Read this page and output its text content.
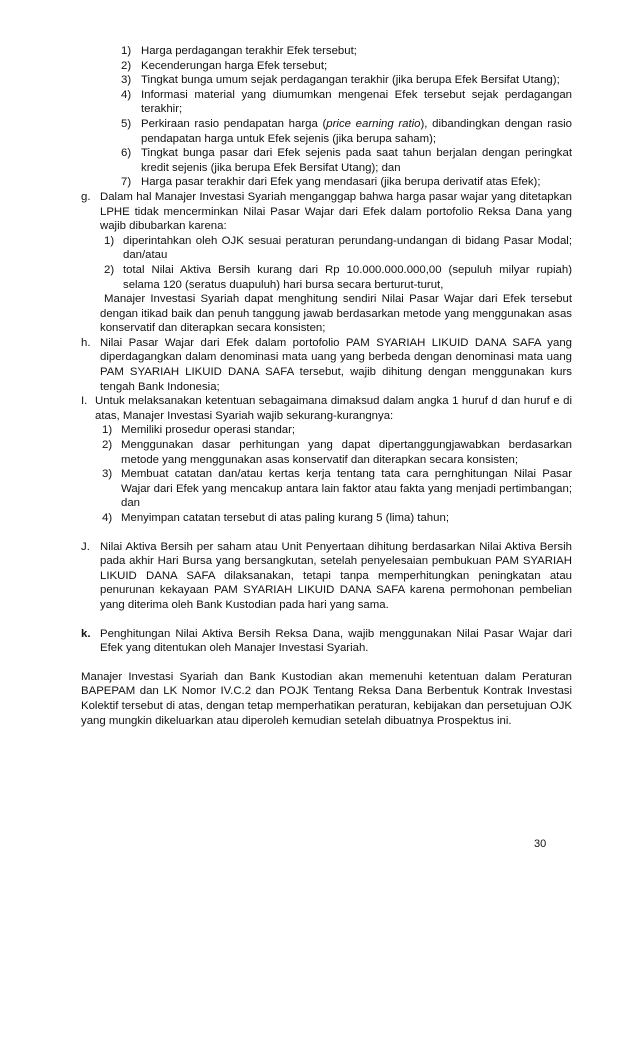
1) Harga perdagangan terakhir Efek tersebut;
2) Kecenderungan harga Efek tersebut;
3) Tingkat bunga umum sejak perdagangan terakhir (jika berupa Efek Bersifat Utang);
4) Informasi material yang diumumkan mengenai Efek tersebut sejak perdagangan terakhir;
5) Perkiraan rasio pendapatan harga (price earning ratio), dibandingkan dengan rasio pendapatan harga untuk Efek sejenis (jika berupa saham);
6) Tingkat bunga pasar dari Efek sejenis pada saat tahun berjalan dengan peringkat kredit sejenis (jika berupa Efek Bersifat Utang); dan
7) Harga pasar terakhir dari Efek yang mendasari (jika berupa derivatif atas Efek);
g. Dalam hal Manajer Investasi Syariah menganggap bahwa harga pasar wajar yang ditetapkan LPHE tidak mencerminkan Nilai Pasar Wajar dari Efek dalam portofolio Reksa Dana yang wajib dibubarkan karena:
1) diperintahkan oleh OJK sesuai peraturan perundang-undangan di bidang Pasar Modal; dan/atau
2) total Nilai Aktiva Bersih kurang dari Rp 10.000.000.000,00 (sepuluh milyar rupiah) selama 120 (seratus duapuluh) hari bursa secara berturut-turut,
Manajer Investasi Syariah dapat menghitung sendiri Nilai Pasar Wajar dari Efek tersebut dengan itikad baik dan penuh tanggung jawab berdasarkan metode yang menggunakan asas konservatif dan diterapkan secara konsisten;
h. Nilai Pasar Wajar dari Efek dalam portofolio PAM SYARIAH LIKUID DANA SAFA yang diperdagangkan dalam denominasi mata uang yang berbeda dengan denominasi mata uang PAM SYARIAH LIKUID DANA SAFA tersebut, wajib dihitung dengan menggunakan kurs tengah Bank Indonesia;
I. Untuk melaksanakan ketentuan sebagaimana dimaksud dalam angka 1 huruf d dan huruf e di atas, Manajer Investasi Syariah wajib sekurang-kurangnya:
1) Memiliki prosedur operasi standar;
2) Menggunakan dasar perhitungan yang dapat dipertanggungjawabkan berdasarkan metode yang menggunakan asas konservatif dan diterapkan secara konsisten;
3) Membuat catatan dan/atau kertas kerja tentang tata cara pernghitungan Nilai Pasar Wajar dari Efek yang mencakup antara lain faktor atau fakta yang menjadi pertimbangan; dan
4) Menyimpan catatan tersebut di atas paling kurang 5 (lima) tahun;
J. Nilai Aktiva Bersih per saham atau Unit Penyertaan dihitung berdasarkan Nilai Aktiva Bersih pada akhir Hari Bursa yang bersangkutan, setelah penyelesaian pembukuan PAM SYARIAH LIKUID DANA SAFA dilaksanakan, tetapi tanpa memperhitungkan peningkatan atau penurunan kekayaan PAM SYARIAH LIKUID DANA SAFA karena permohonan pembelian yang diterima oleh Bank Kustodian pada hari yang sama.
k. Penghitungan Nilai Aktiva Bersih Reksa Dana, wajib menggunakan Nilai Pasar Wajar dari Efek yang ditentukan oleh Manajer Investasi Syariah.
Manajer Investasi Syariah dan Bank Kustodian akan memenuhi ketentuan dalam Peraturan BAPEPAM dan LK Nomor IV.C.2 dan POJK Tentang Reksa Dana Berbentuk Kontrak Investasi Kolektif tersebut di atas, dengan tetap memperhatikan peraturan, kebijakan dan persetujuan OJK yang mungkin dikeluarkan atau diperoleh kemudian setelah dibuatnya Prospektus ini.
30
